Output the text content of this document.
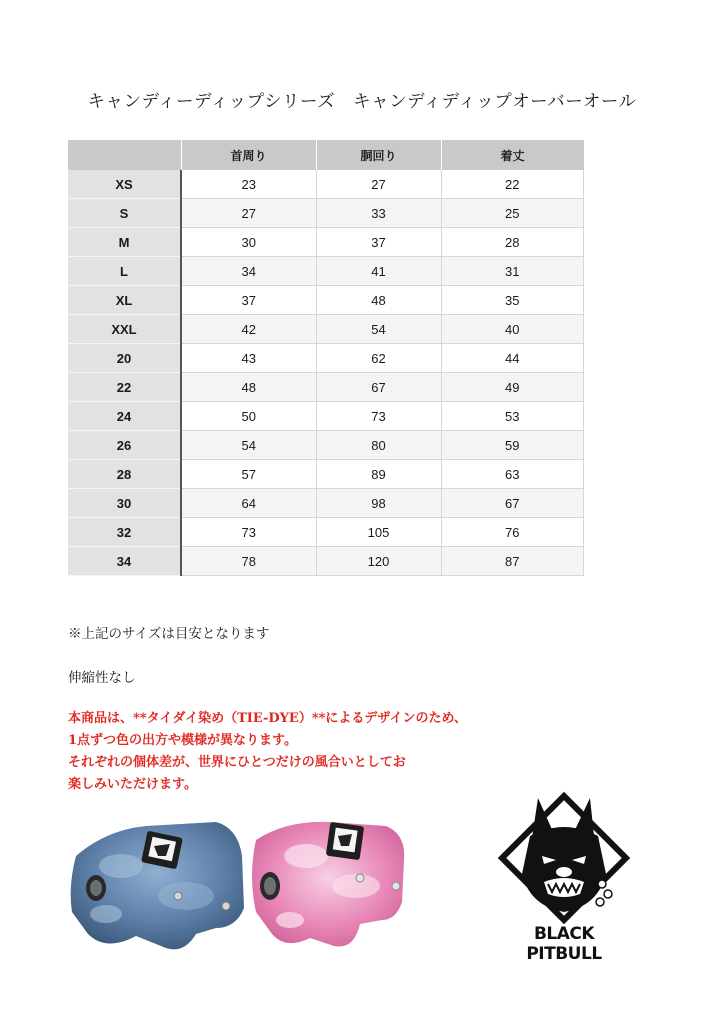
キャンディーディップシリーズ　キャンディディップオーバーオール
	首周り	胴回り	着丈
XS	23	27	22
S	27	33	25
M	30	37	28
L	34	41	31
XL	37	48	35
XXL	42	54	40
20	43	62	44
22	48	67	49
24	50	73	53
26	54	80	59
28	57	89	63
30	64	98	67
32	73	105	76
34	78	120	87
※上記のサイズは目安となります
伸縮性なし
本商品は、**タイダイ染め（TIE-DYE）**によるデザインのため、
1点ずつ色の出方や模様が異なります。
それぞれの個体差が、世界にひとつだけの風合いとしてお
楽しみいただけます。
BLACK PITBULL
